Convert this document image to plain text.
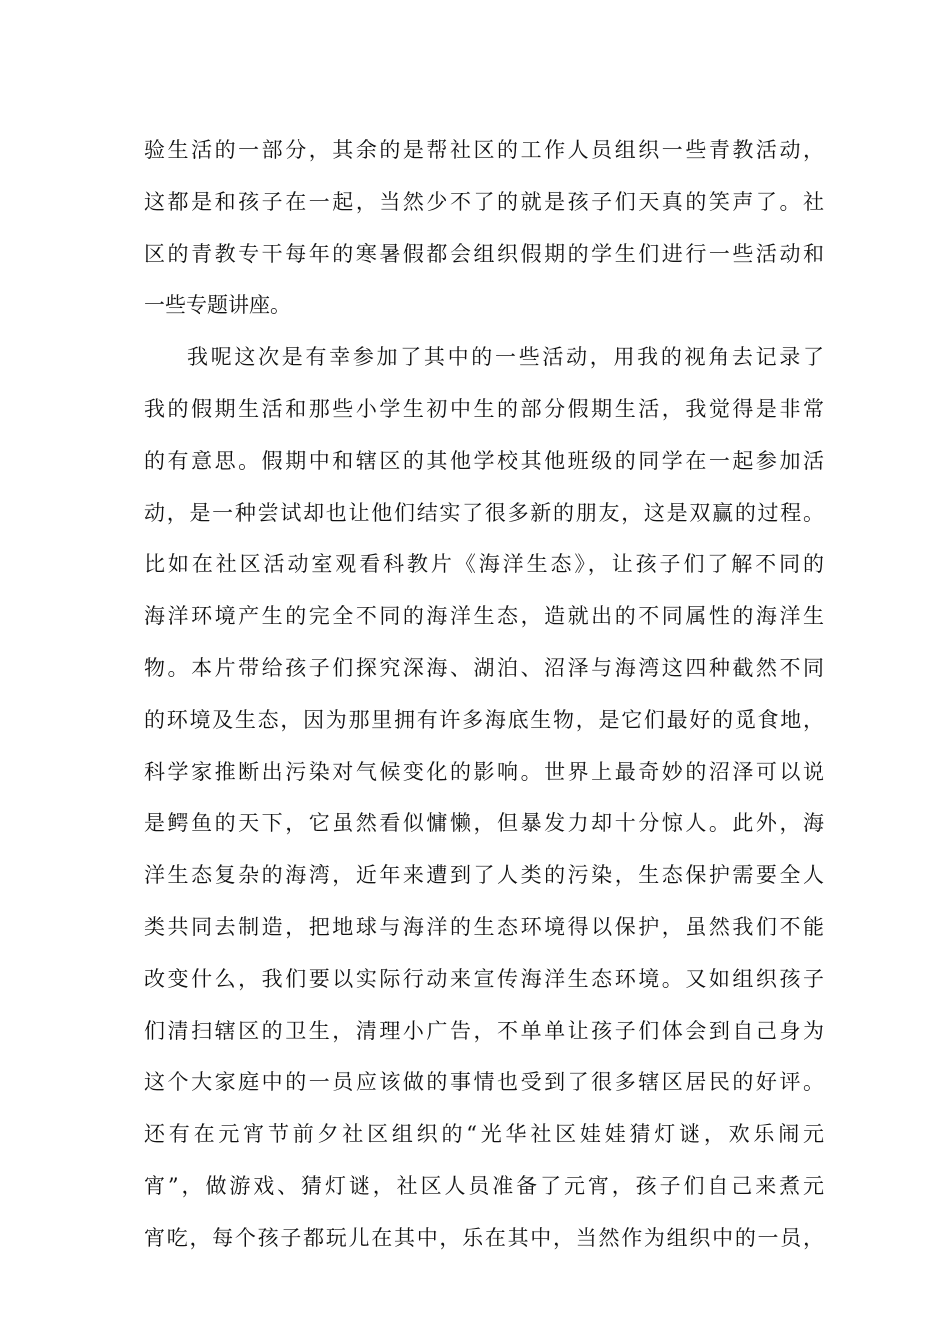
验生活的一部分，其余的是帮社区的工作人员组织一些青教活动，
这都是和孩子在一起，当然少不了的就是孩子们天真的笑声了。社
区的青教专干每年的寒暑假都会组织假期的学生们进行一些活动和
一些专题讲座。
我呢这次是有幸参加了其中的一些活动，用我的视角去记录了
我的假期生活和那些小学生初中生的部分假期生活，我觉得是非常
的有意思。假期中和辖区的其他学校其他班级的同学在一起参加活
动，是一种尝试却也让他们结实了很多新的朋友，这是双赢的过程。
比如在社区活动室观看科教片《海洋生态》，让孩子们了解不同的
海洋环境产生的完全不同的海洋生态，造就出的不同属性的海洋生
物。本片带给孩子们探究深海、湖泊、沼泽与海湾这四种截然不同
的环境及生态，因为那里拥有许多海底生物，是它们最好的觅食地，
科学家推断出污染对气候变化的影响。世界上最奇妙的沼泽可以说
是鳄鱼的天下，它虽然看似慵懒，但暴发力却十分惊人。此外，海
洋生态复杂的海湾，近年来遭到了人类的污染，生态保护需要全人
类共同去制造，把地球与海洋的生态环境得以保护，虽然我们不能
改变什么，我们要以实际行动来宣传海洋生态环境。又如组织孩子
们清扫辖区的卫生，清理小广告，不单单让孩子们体会到自己身为
这个大家庭中的一员应该做的事情也受到了很多辖区居民的好评。
还有在元宵节前夕社区组织的“光华社区娃娃猜灯谜，欢乐闹元
宵”，做游戏、猜灯谜，社区人员准备了元宵，孩子们自己来煮元
宵吃，每个孩子都玩儿在其中，乐在其中，当然作为组织中的一员，
